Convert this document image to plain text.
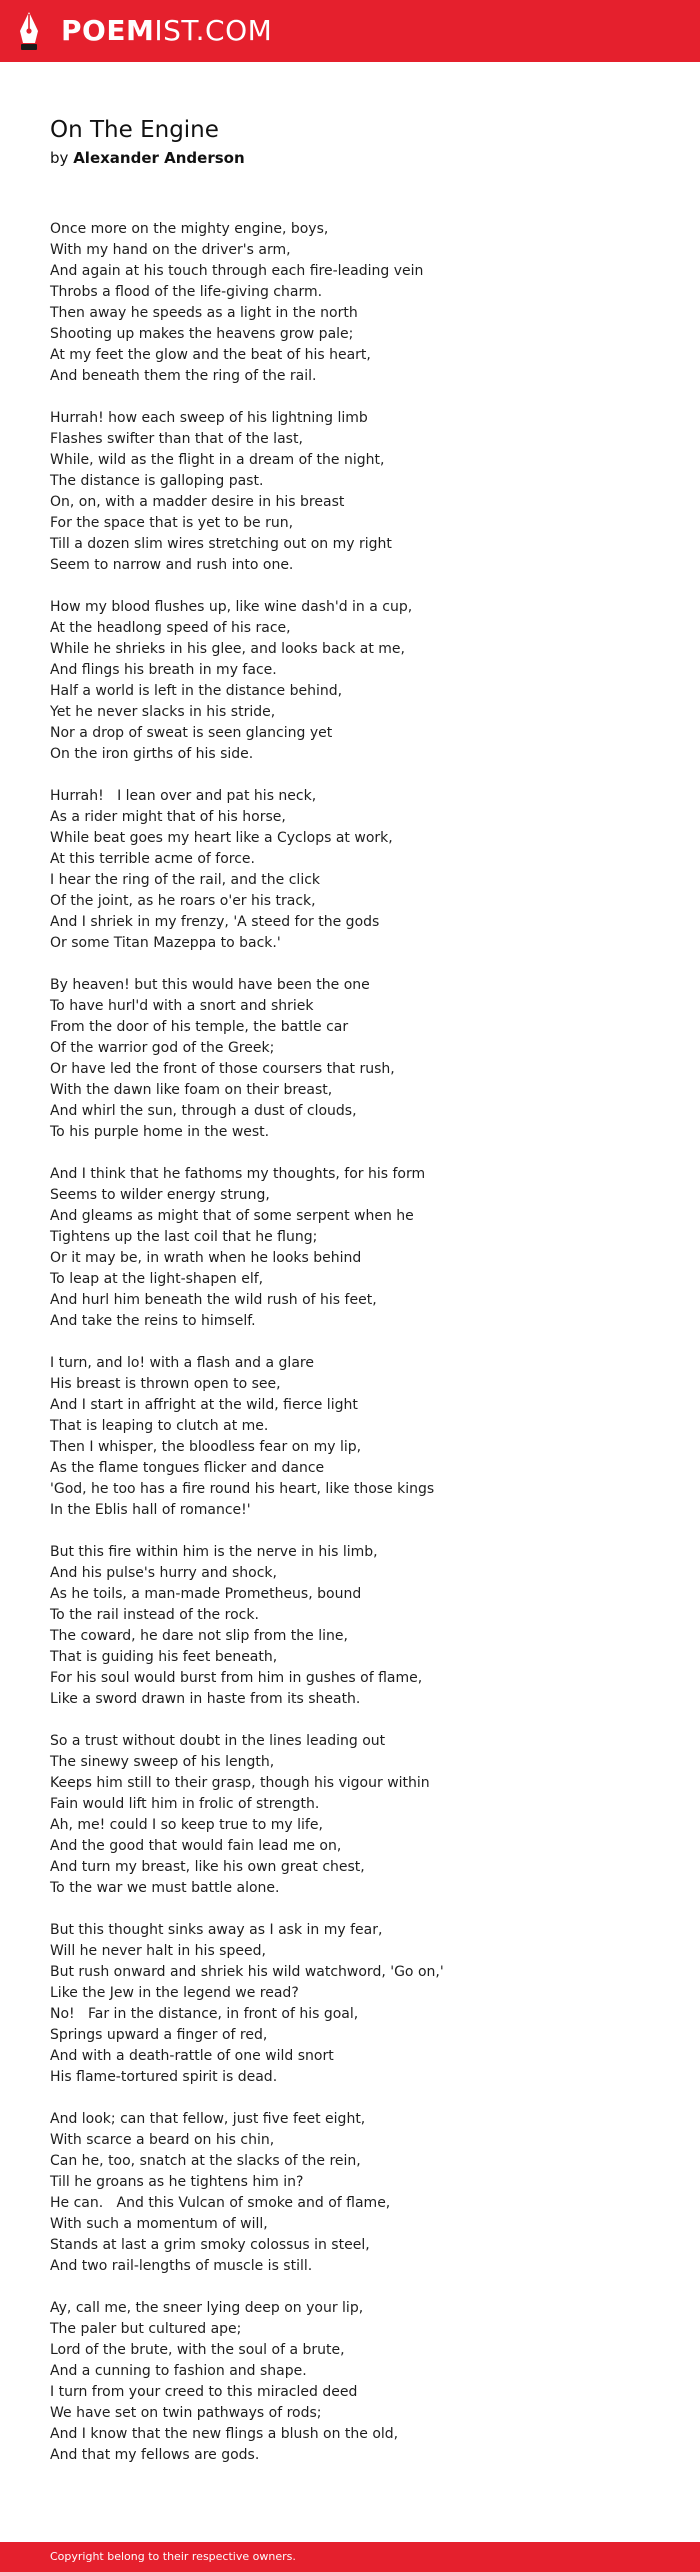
POEMIST.COM
On The Engine
by Alexander Anderson
Once more on the mighty engine, boys,
With my hand on the driver's arm,
And again at his touch through each fire-leading vein
Throbs a flood of the life-giving charm.
Then away he speeds as a light in the north
Shooting up makes the heavens grow pale;
At my feet the glow and the beat of his heart,
And beneath them the ring of the rail.
Hurrah! how each sweep of his lightning limb
Flashes swifter than that of the last,
While, wild as the flight in a dream of the night,
The distance is galloping past.
On, on, with a madder desire in his breast
For the space that is yet to be run,
Till a dozen slim wires stretching out on my right
Seem to narrow and rush into one.
How my blood flushes up, like wine dash'd in a cup,
At the headlong speed of his race,
While he shrieks in his glee, and looks back at me,
And flings his breath in my face.
Half a world is left in the distance behind,
Yet he never slacks in his stride,
Nor a drop of sweat is seen glancing yet
On the iron girths of his side.
Hurrah!   I lean over and pat his neck,
As a rider might that of his horse,
While beat goes my heart like a Cyclops at work,
At this terrible acme of force.
I hear the ring of the rail, and the click
Of the joint, as he roars o'er his track,
And I shriek in my frenzy, 'A steed for the gods
Or some Titan Mazeppa to back.'
By heaven! but this would have been the one
To have hurl'd with a snort and shriek
From the door of his temple, the battle car
Of the warrior god of the Greek;
Or have led the front of those coursers that rush,
With the dawn like foam on their breast,
And whirl the sun, through a dust of clouds,
To his purple home in the west.
And I think that he fathoms my thoughts, for his form
Seems to wilder energy strung,
And gleams as might that of some serpent when he
Tightens up the last coil that he flung;
Or it may be, in wrath when he looks behind
To leap at the light-shapen elf,
And hurl him beneath the wild rush of his feet,
And take the reins to himself.
I turn, and lo! with a flash and a glare
His breast is thrown open to see,
And I start in affright at the wild, fierce light
That is leaping to clutch at me.
Then I whisper, the bloodless fear on my lip,
As the flame tongues flicker and dance
'God, he too has a fire round his heart, like those kings
In the Eblis hall of romance!'
But this fire within him is the nerve in his limb,
And his pulse's hurry and shock,
As he toils, a man-made Prometheus, bound
To the rail instead of the rock.
The coward, he dare not slip from the line,
That is guiding his feet beneath,
For his soul would burst from him in gushes of flame,
Like a sword drawn in haste from its sheath.
So a trust without doubt in the lines leading out
The sinewy sweep of his length,
Keeps him still to their grasp, though his vigour within
Fain would lift him in frolic of strength.
Ah, me! could I so keep true to my life,
And the good that would fain lead me on,
And turn my breast, like his own great chest,
To the war we must battle alone.
But this thought sinks away as I ask in my fear,
Will he never halt in his speed,
But rush onward and shriek his wild watchword, 'Go on,'
Like the Jew in the legend we read?
No!   Far in the distance, in front of his goal,
Springs upward a finger of red,
And with a death-rattle of one wild snort
His flame-tortured spirit is dead.
And look; can that fellow, just five feet eight,
With scarce a beard on his chin,
Can he, too, snatch at the slacks of the rein,
Till he groans as he tightens him in?
He can.   And this Vulcan of smoke and of flame,
With such a momentum of will,
Stands at last a grim smoky colossus in steel,
And two rail-lengths of muscle is still.
Ay, call me, the sneer lying deep on your lip,
The paler but cultured ape;
Lord of the brute, with the soul of a brute,
And a cunning to fashion and shape.
I turn from your creed to this miracled deed
We have set on twin pathways of rods;
And I know that the new flings a blush on the old,
And that my fellows are gods.
Copyright belong to their respective owners.
